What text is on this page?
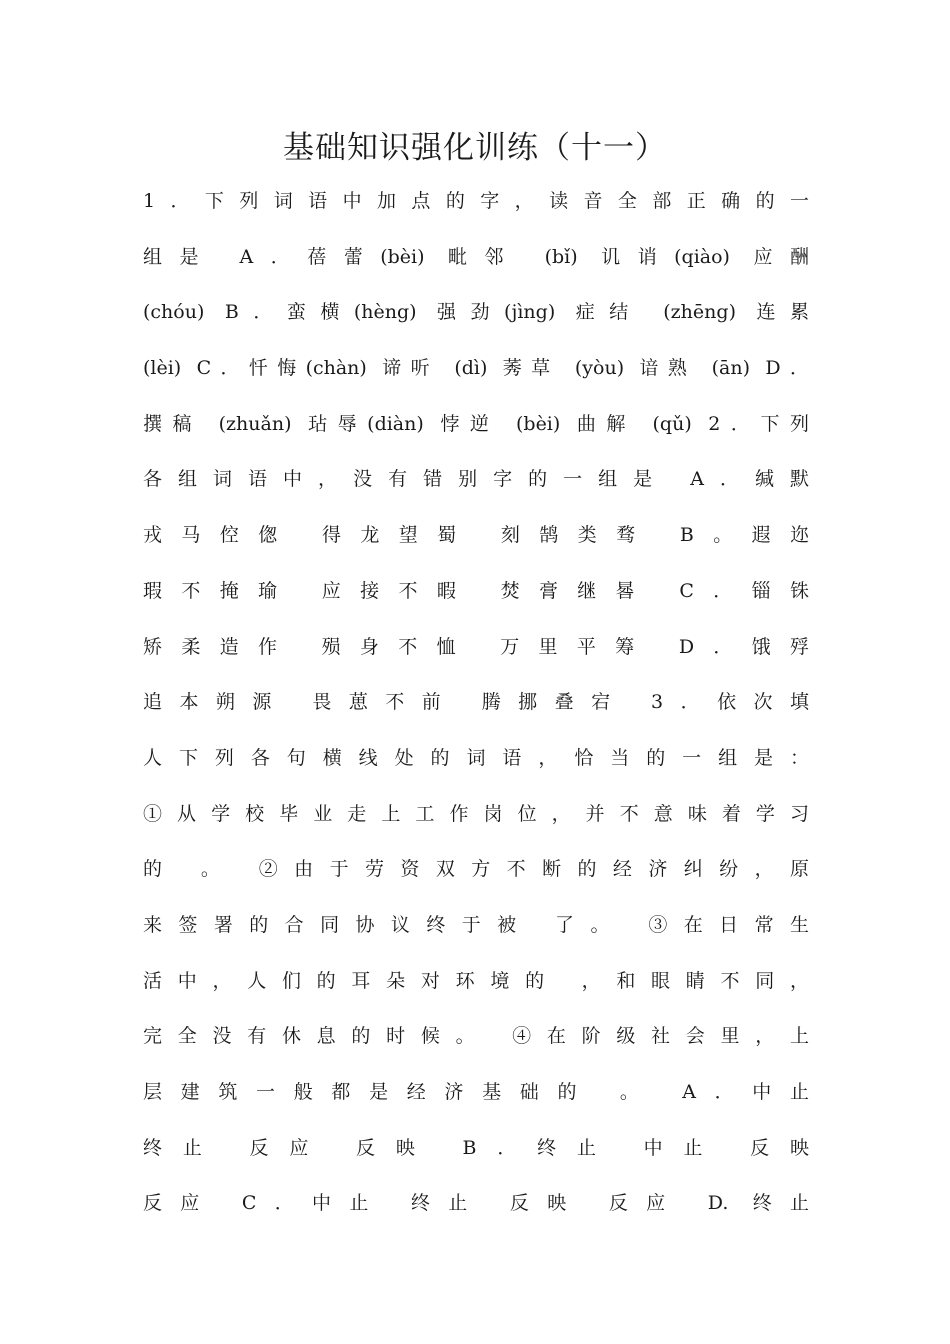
基础知识强化训练（十一）
1．下列词语中加点的字，读音全部正确的一
组是 A．蓓蕾(bèi) 毗邻 (bǐ) 讥诮(qiào) 应酬
(chóu) B．蛮横(hèng) 强劲(jìng) 症结 (zhēng) 连累
(lèi) C．忏悔(chàn) 谛听 (dì) 莠草 (yòu) 谙熟 (ān) D．
撰稿 (zhuǎn) 玷辱(diàn) 悖逆 (bèi) 曲解 (qǔ) 2．下列
各组词语中，没有错别字的一组是 A．缄默
戎马倥偬 得龙望蜀 刻鹄类骛 B。遐迩
瑕不掩瑜 应接不暇 焚膏继晷 C．锱铢
矫柔造作 殒身不恤 万里平筹 D．饿殍
追本朔源 畏葸不前 腾挪叠宕 3．依次填
人下列各句横线处的词语，恰当的一组是：
①从学校毕业走上工作岗位，并不意味着学习
的 。 ②由于劳资双方不断的经济纠纷，原
来签署的合同协议终于被 了。 ③在日常生
活中，人们的耳朵对环境的 ，和眼睛不同，
完全没有休息的时候。 ④在阶级社会里，上
层建筑一般都是经济基础的 。 A．中止
终止 反应 反映 B．终止 中止 反映
反应 C．中止 终止 反映 反应 D. 终止
